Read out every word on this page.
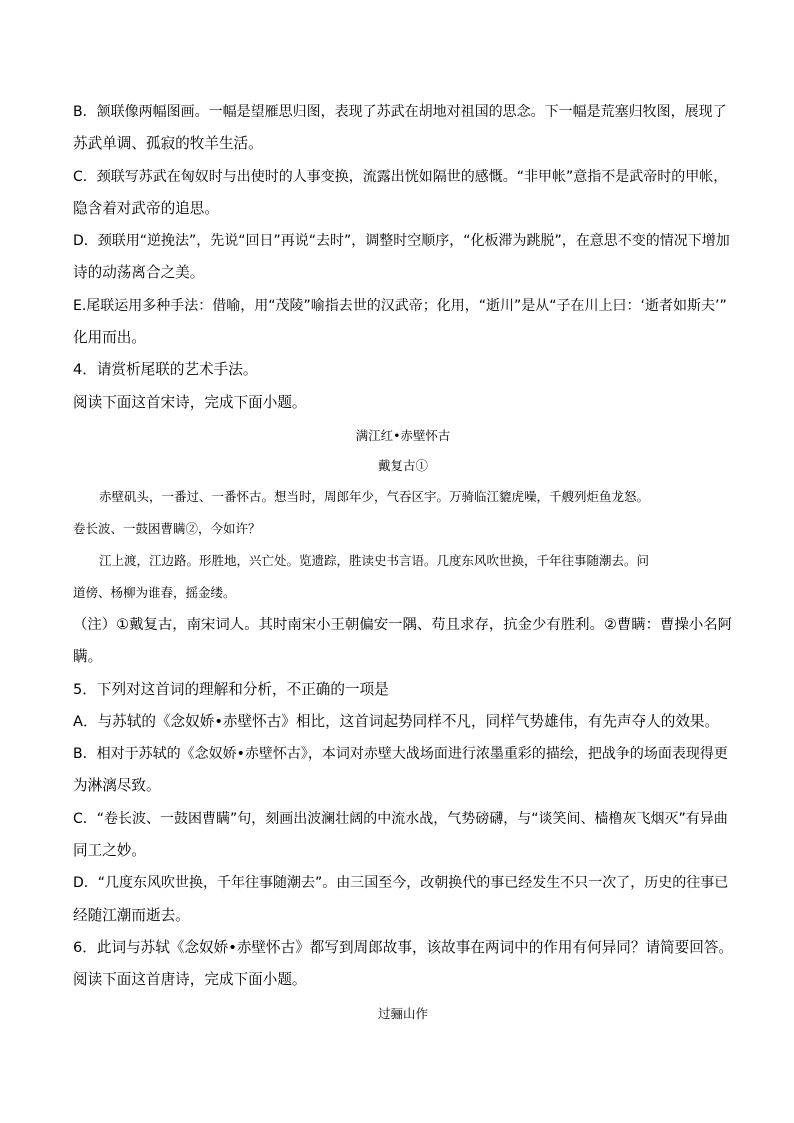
B．颔联像两幅图画。一幅是望雁思归图，表现了苏武在胡地对祖国的思念。下一幅是荒塞归牧图，展现了

苏武单调、孤寂的牧羊生活。

C．颈联写苏武在匈奴时与出使时的人事变换，流露出恍如隔世的感慨。“非甲帐”意指不是武帝时的甲帐，

隐含着对武帝的追思。

D．颈联用“逆挽法”，先说“回日”再说“去时”，调整时空顺序，“化板滞为跳脱”，在意思不变的情况下增加

诗的动荡离合之美。

E.尾联运用多种手法：借喻，用“茂陵”喻指去世的汉武帝；化用，“逝川”是从“子在川上曰：‘逝者如斯夫’”

化用而出。

4．请赏析尾联的艺术手法。

阅读下面这首宋诗，完成下面小题。

满江红•赤壁怀古

戴复古①

赤壁矶头，一番过、一番怀古。想当时，周郎年少，气吞区宇。万骑临江貔虎噪，千艘列炬鱼龙怒。

卷长波、一鼓困曹瞒②，今如许？

江上渡，江边路。形胜地，兴亡处。览遗踪，胜读史书言语。几度东风吹世换，千年往事随潮去。问

道傍、杨柳为谁春，摇金缕。

（注）①戴复古，南宋词人。其时南宋小王朝偏安一隅、苟且求存，抗金少有胜利。②曹瞒：曹操小名阿

瞒。

5．下列对这首词的理解和分析，不正确的一项是

A．与苏轼的《念奴娇•赤壁怀古》相比，这首词起势同样不凡，同样气势雄伟，有先声夺人的效果。

B．相对于苏轼的《念奴娇•赤壁怀古》，本词对赤壁大战场面进行浓墨重彩的描绘，把战争的场面表现得更

为淋漓尽致。

C．“卷长波、一鼓困曹瞒”句，刻画出波澜壮阔的中流水战，气势磅礴，与“谈笑间、樯橹灰飞烟灭”有异曲

同工之妙。

D．“几度东风吹世换，千年往事随潮去”。由三国至今，改朝换代的事已经发生不只一次了，历史的往事已

经随江潮而逝去。

6．此词与苏轼《念奴娇•赤壁怀古》都写到周郎故事，该故事在两词中的作用有何异同？请简要回答。

阅读下面这首唐诗，完成下面小题。

过骊山作
